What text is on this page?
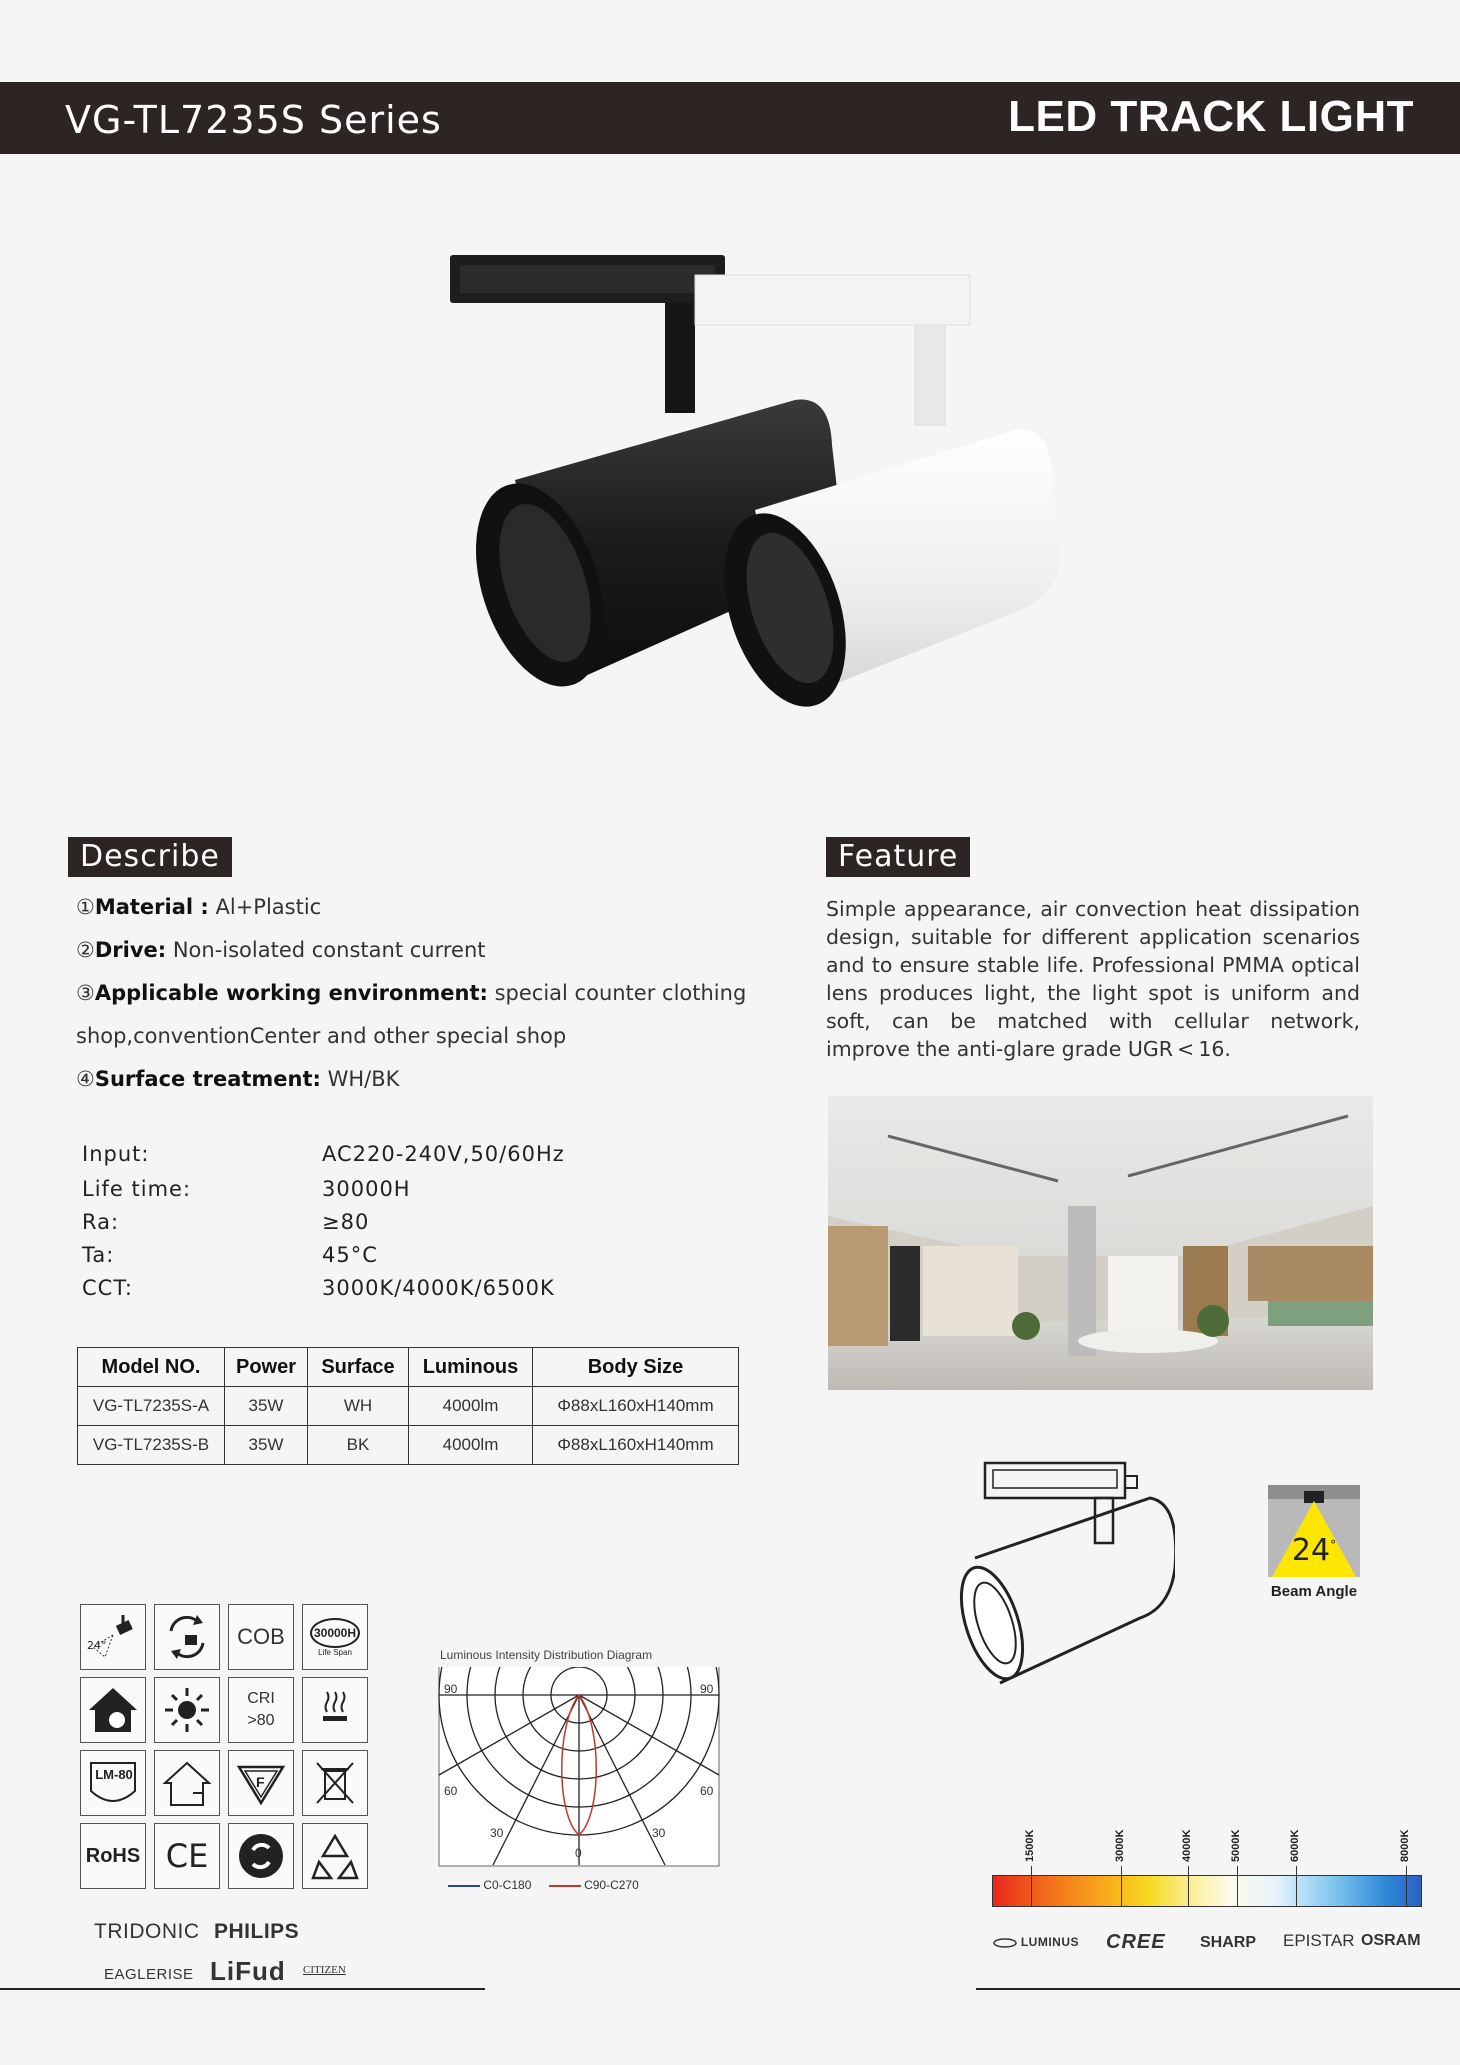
VG-TL7235S Series	LED TRACK LIGHT
Describe
①Material : Al+Plastic
②Drive: Non-isolated constant current
③Applicable working environment: special counter clothing
shop,conventionCenter and other special shop
④Surface treatment: WH/BK
Feature
Simple appearance, air convection heat dissipation design, suitable for different application scenarios and to ensure stable life. Professional PMMA optical lens produces light, the light spot is uniform and soft, can be matched with cellular network, improve the anti-glare grade UGR < 16.
Input:	AC220-240V,50/60Hz
Life time:	30000H
Ra:	≥80
Ta:	45°C
CCT:	3000K/4000K/6500K
Model NO.	Power	Surface	Luminous	Body Size
VG-TL7235S-A	35W	WH	4000lm	Φ88xL160xH140mm
VG-TL7235S-B	35W	BK	4000lm	Φ88xL160xH140mm
24°
Beam Angle
24°	COB	30000H
Life Span
CRI
>80
LM-80	F
RoHS CE
Luminous Intensity Distribution Diagram
90	90
60	60
30	30
0
C0-C180	C90-C270
1500K	3000K	4000K	5000K	6000K	8000K
TRIDONIC PHILIPS
EAGLERISE LiFud CITIZEN
LUMINUS CREE SHARP EPISTAR OSRAM
